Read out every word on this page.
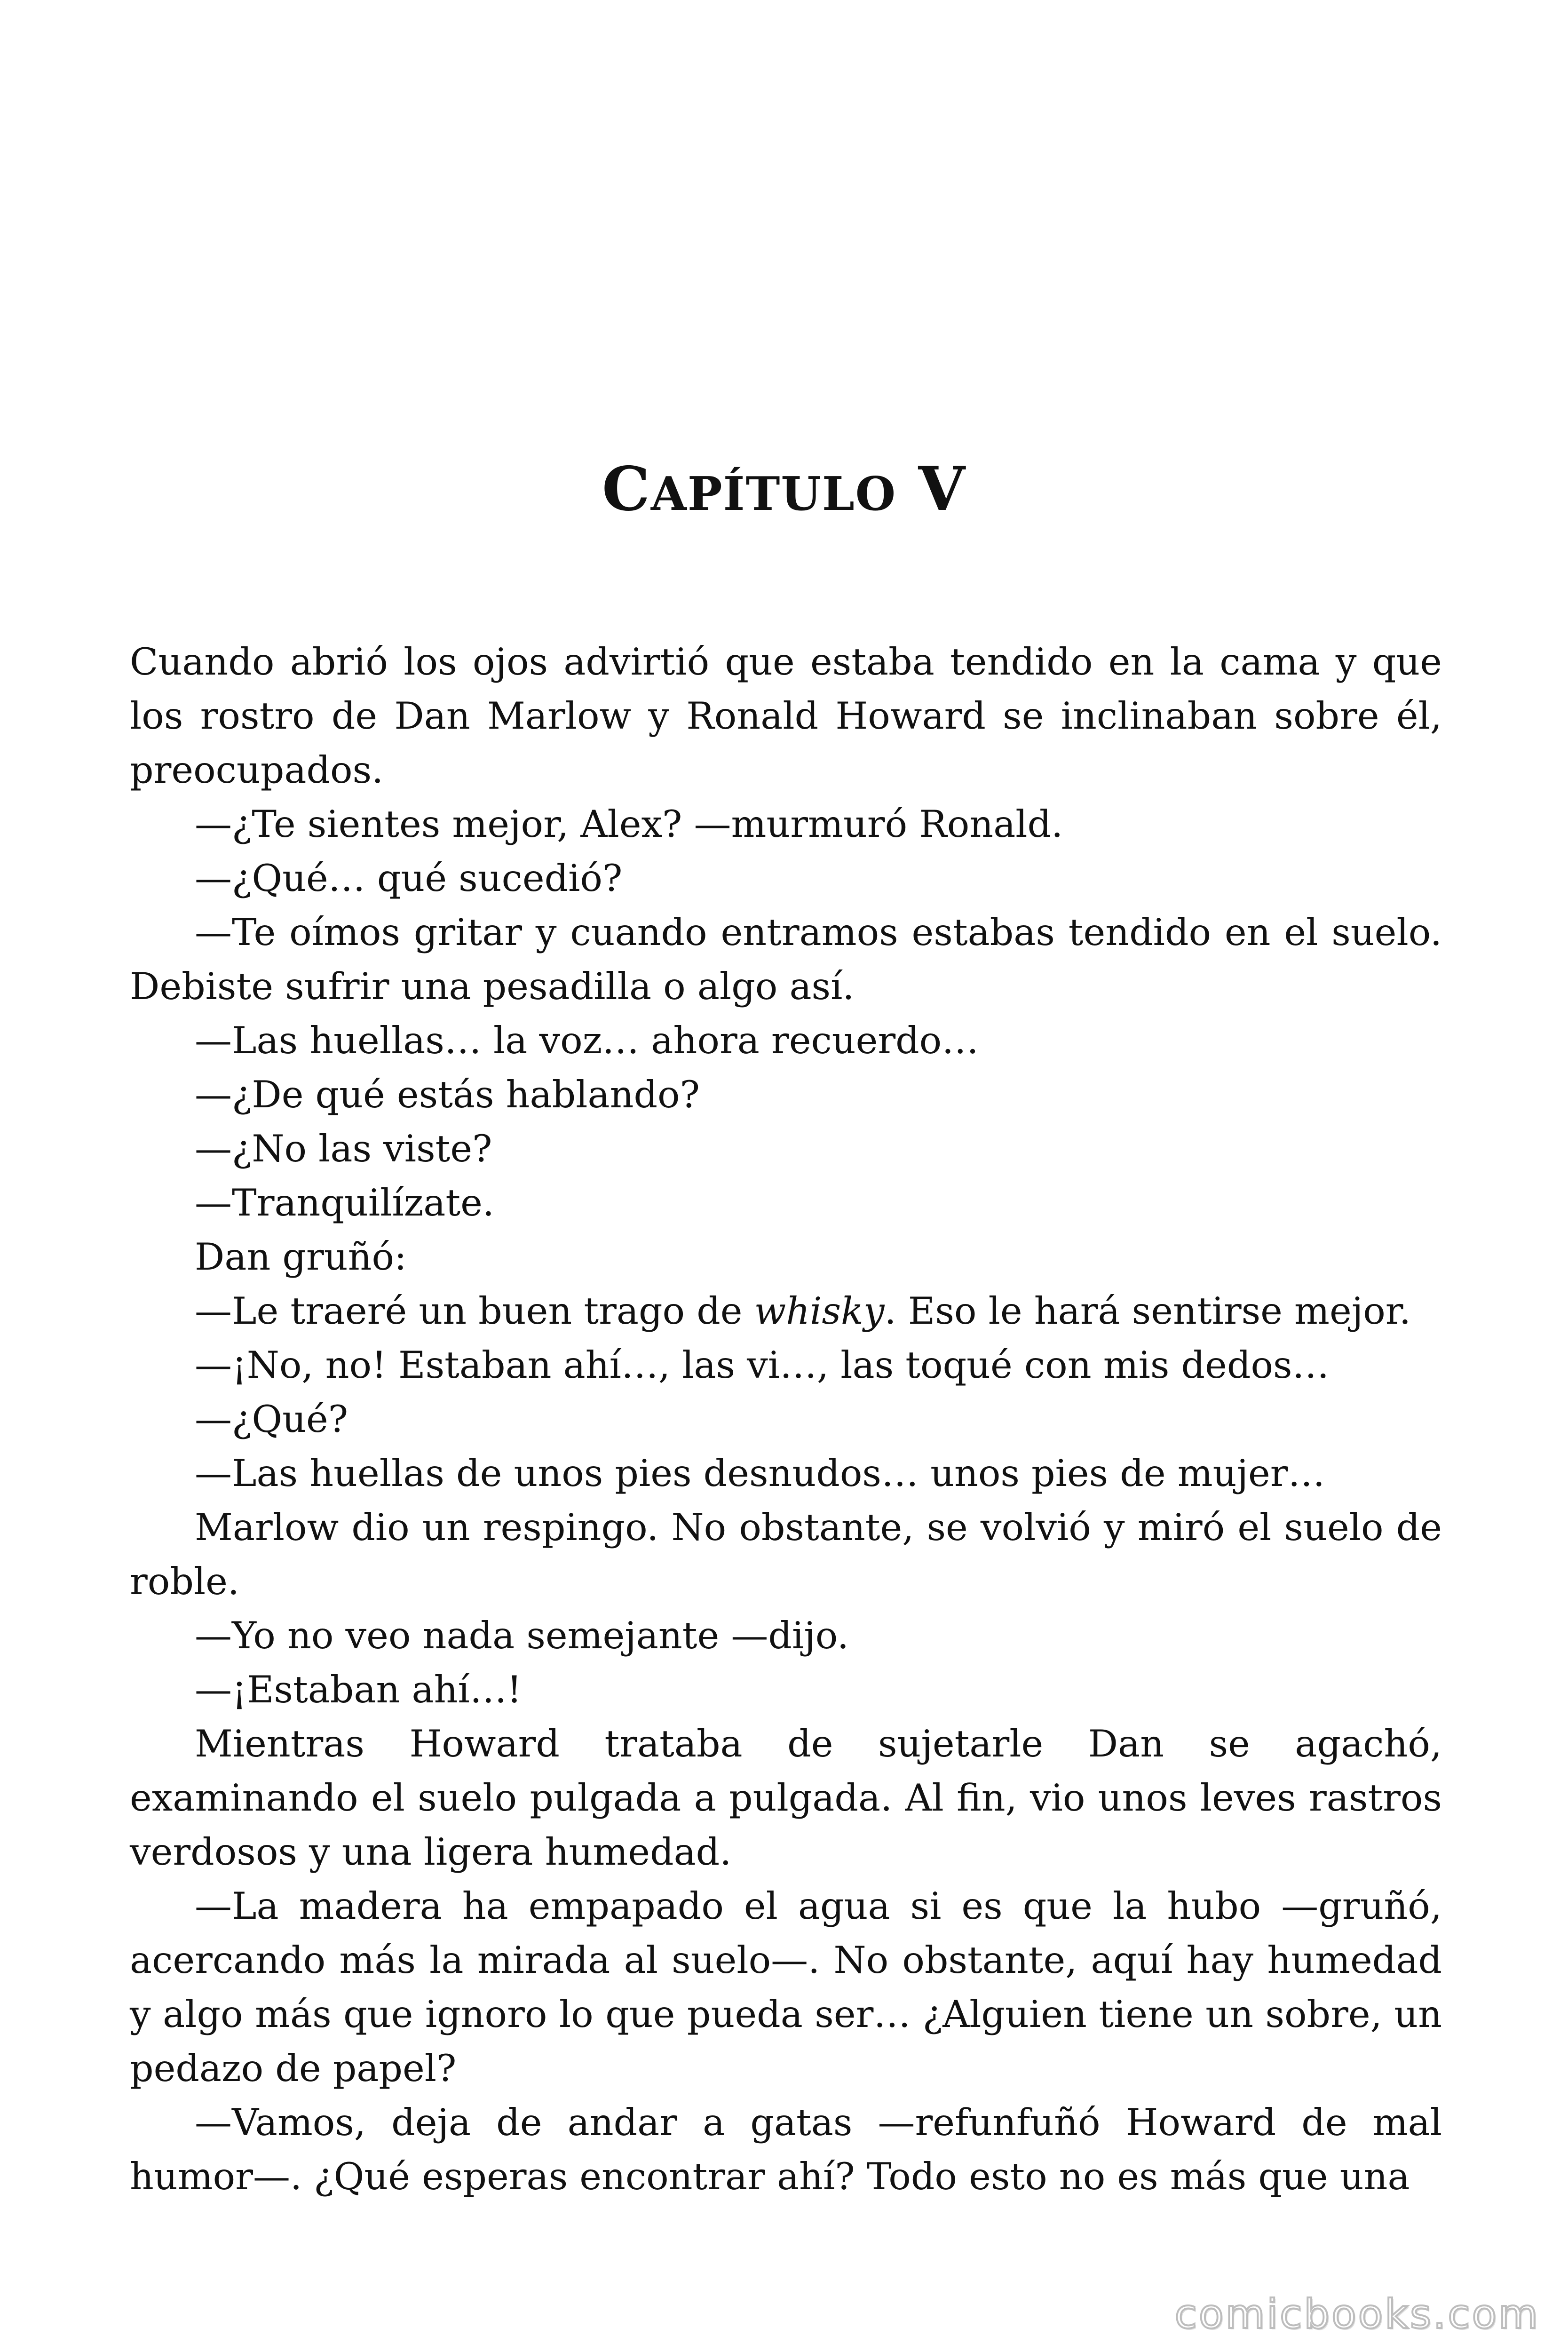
CAPÍTULO V

Cuando abrió los ojos advirtió que estaba tendido en la cama y que los rostro de Dan Marlow y Ronald Howard se inclinaban sobre él, preocupados.

—¿Te sientes mejor, Alex? —murmuró Ronald.

—¿Qué… qué sucedió?

—Te oímos gritar y cuando entramos estabas tendido en el suelo. Debiste sufrir una pesadilla o algo así.

—Las huellas… la voz… ahora recuerdo…

—¿De qué estás hablando?

—¿No las viste?

—Tranquilízate.

Dan gruñó:

—Le traeré un buen trago de whisky. Eso le hará sentirse mejor.

—¡No, no! Estaban ahí…, las vi…, las toqué con mis dedos…

—¿Qué?

—Las huellas de unos pies desnudos… unos pies de mujer…

Marlow dio un respingo. No obstante, se volvió y miró el suelo de roble.

—Yo no veo nada semejante —dijo.

—¡Estaban ahí…!

Mientras Howard trataba de sujetarle Dan se agachó, examinando el suelo pulgada a pulgada. Al fin, vio unos leves rastros verdosos y una ligera humedad.

—La madera ha empapado el agua si es que la hubo —gruñó, acercando más la mirada al suelo—. No obstante, aquí hay humedad y algo más que ignoro lo que pueda ser… ¿Alguien tiene un sobre, un pedazo de papel?

—Vamos, deja de andar a gatas —refunfuñó Howard de mal humor—. ¿Qué esperas encontrar ahí? Todo esto no es más que una

comicbooks.com
